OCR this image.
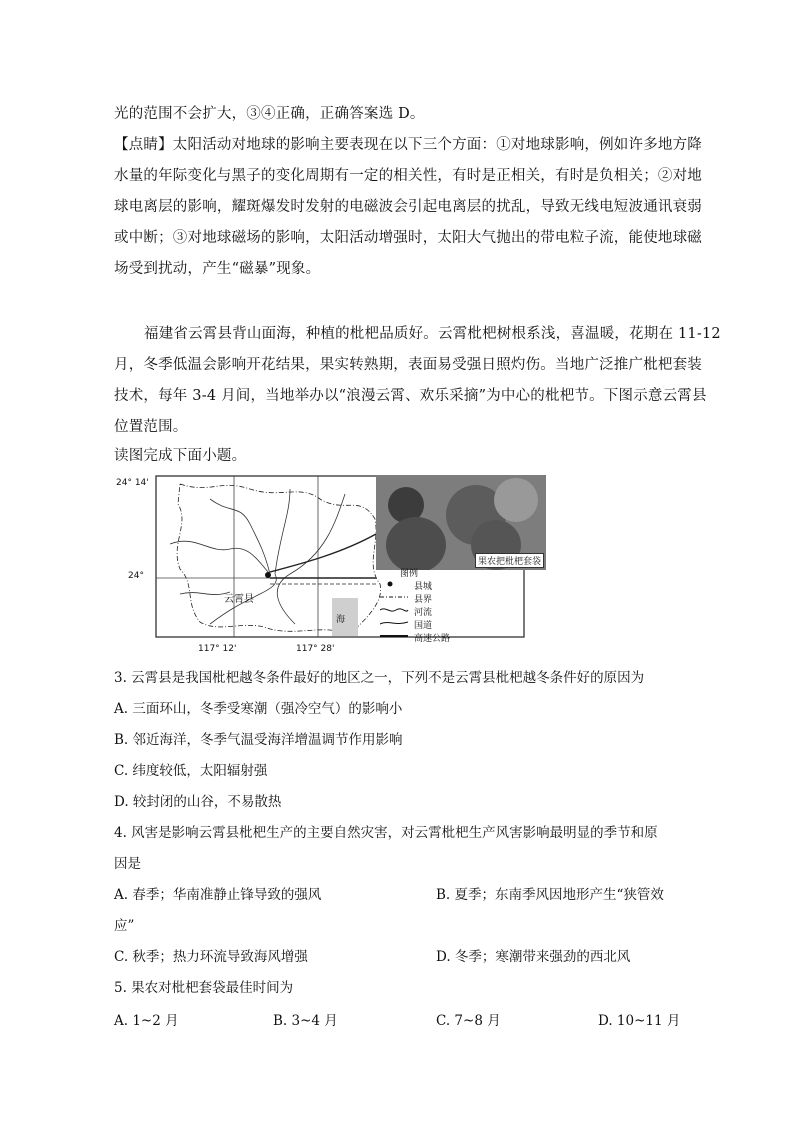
光的范围不会扩大，③④正确，正确答案选 D。
【点睛】太阳活动对地球的影响主要表现在以下三个方面：①对地球影响，例如许多地方降
水量的年际变化与黑子的变化周期有一定的相关性，有时是正相关，有时是负相关；②对地
球电离层的影响，耀斑爆发时发射的电磁波会引起电离层的扰乱，导致无线电短波通讯衰弱
或中断；③对地球磁场的影响，太阳活动增强时，太阳大气抛出的带电粒子流，能使地球磁
场受到扰动，产生“磁暴”现象。
福建省云霄县背山面海，种植的枇杷品质好。云霄枇杷树根系浅，喜温暖，花期在 11-12
月，冬季低温会影响开花结果，果实转熟期，表面易受强日照灼伤。当地广泛推广枇杷套装
技术，每年 3-4 月间，当地举办以“浪漫云霄、欢乐采摘”为中心的枇杷节。下图示意云霄县
位置范围。
读图完成下面小题。
24° 14'
24°
117° 12'	117° 28'
云霄县
海
果农把枇杷套袋
图例
县城
县界
河流
国道
高速公路
3. 云霄县是我国枇杷越冬条件最好的地区之一，下列不是云霄县枇杷越冬条件好的原因为
A. 三面环山，冬季受寒潮（强冷空气）的影响小
B. 邻近海洋，冬季气温受海洋增温调节作用影响
C. 纬度较低，太阳辐射强
D. 较封闭的山谷，不易散热
4. 风害是影响云霄县枇杷生产的主要自然灾害，对云霄枇杷生产风害影响最明显的季节和原
因是
A. 春季；华南准静止锋导致的强风	B. 夏季；东南季风因地形产生“狭管效
应”
C. 秋季；热力环流导致海风增强	D. 冬季；寒潮带来强劲的西北风
5. 果农对枇杷套袋最佳时间为
A. 1~2 月	B. 3~4 月	C. 7~8 月	D. 10~11 月
